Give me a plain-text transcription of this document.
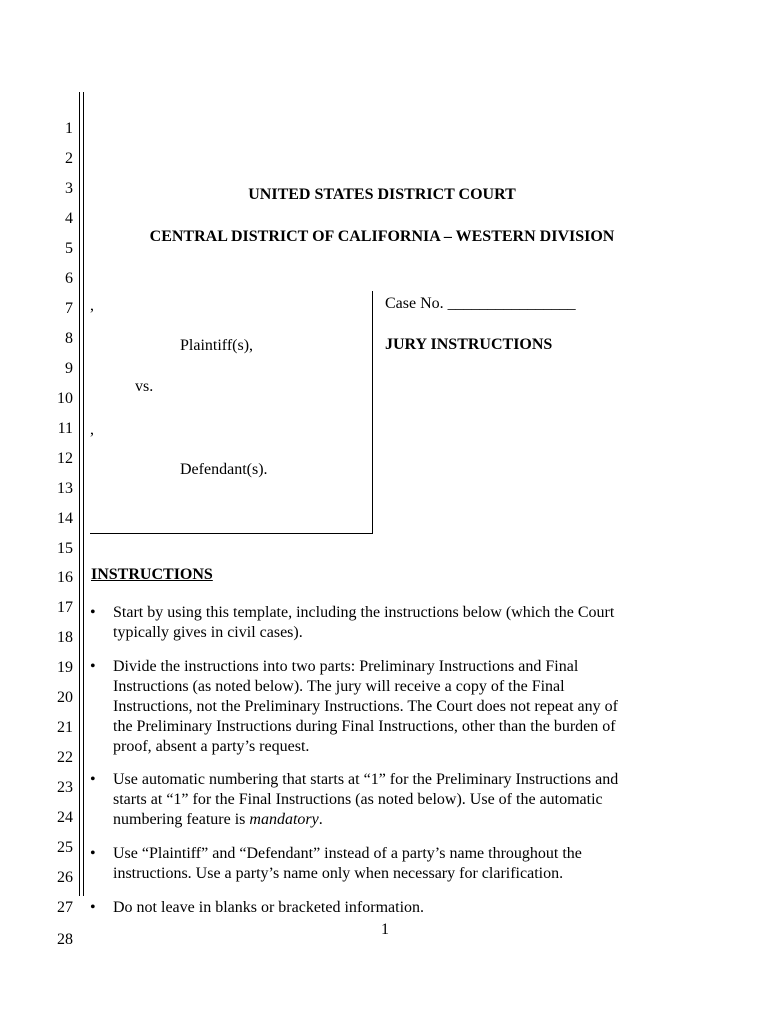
1
2
3
4
5
6
7
8
9
10
11
12
13
14
15
16
17
18
19
20
21
22
23
24
25
26
27
28
UNITED STATES DISTRICT COURT
CENTRAL DISTRICT OF CALIFORNIA – WESTERN DIVISION
,
Plaintiff(s),
vs.
,
Defendant(s).
Case No. ________________
JURY INSTRUCTIONS
INSTRUCTIONS
• Start by using this template, including the instructions below (which the Court
typically gives in civil cases).
• Divide the instructions into two parts: Preliminary Instructions and Final
Instructions (as noted below). The jury will receive a copy of the Final
Instructions, not the Preliminary Instructions. The Court does not repeat any of
the Preliminary Instructions during Final Instructions, other than the burden of
proof, absent a party’s request.
• Use automatic numbering that starts at “1” for the Preliminary Instructions and
starts at “1” for the Final Instructions (as noted below). Use of the automatic
numbering feature is mandatory.
• Use “Plaintiff” and “Defendant” instead of a party’s name throughout the
instructions. Use a party’s name only when necessary for clarification.
• Do not leave in blanks or bracketed information.
1
